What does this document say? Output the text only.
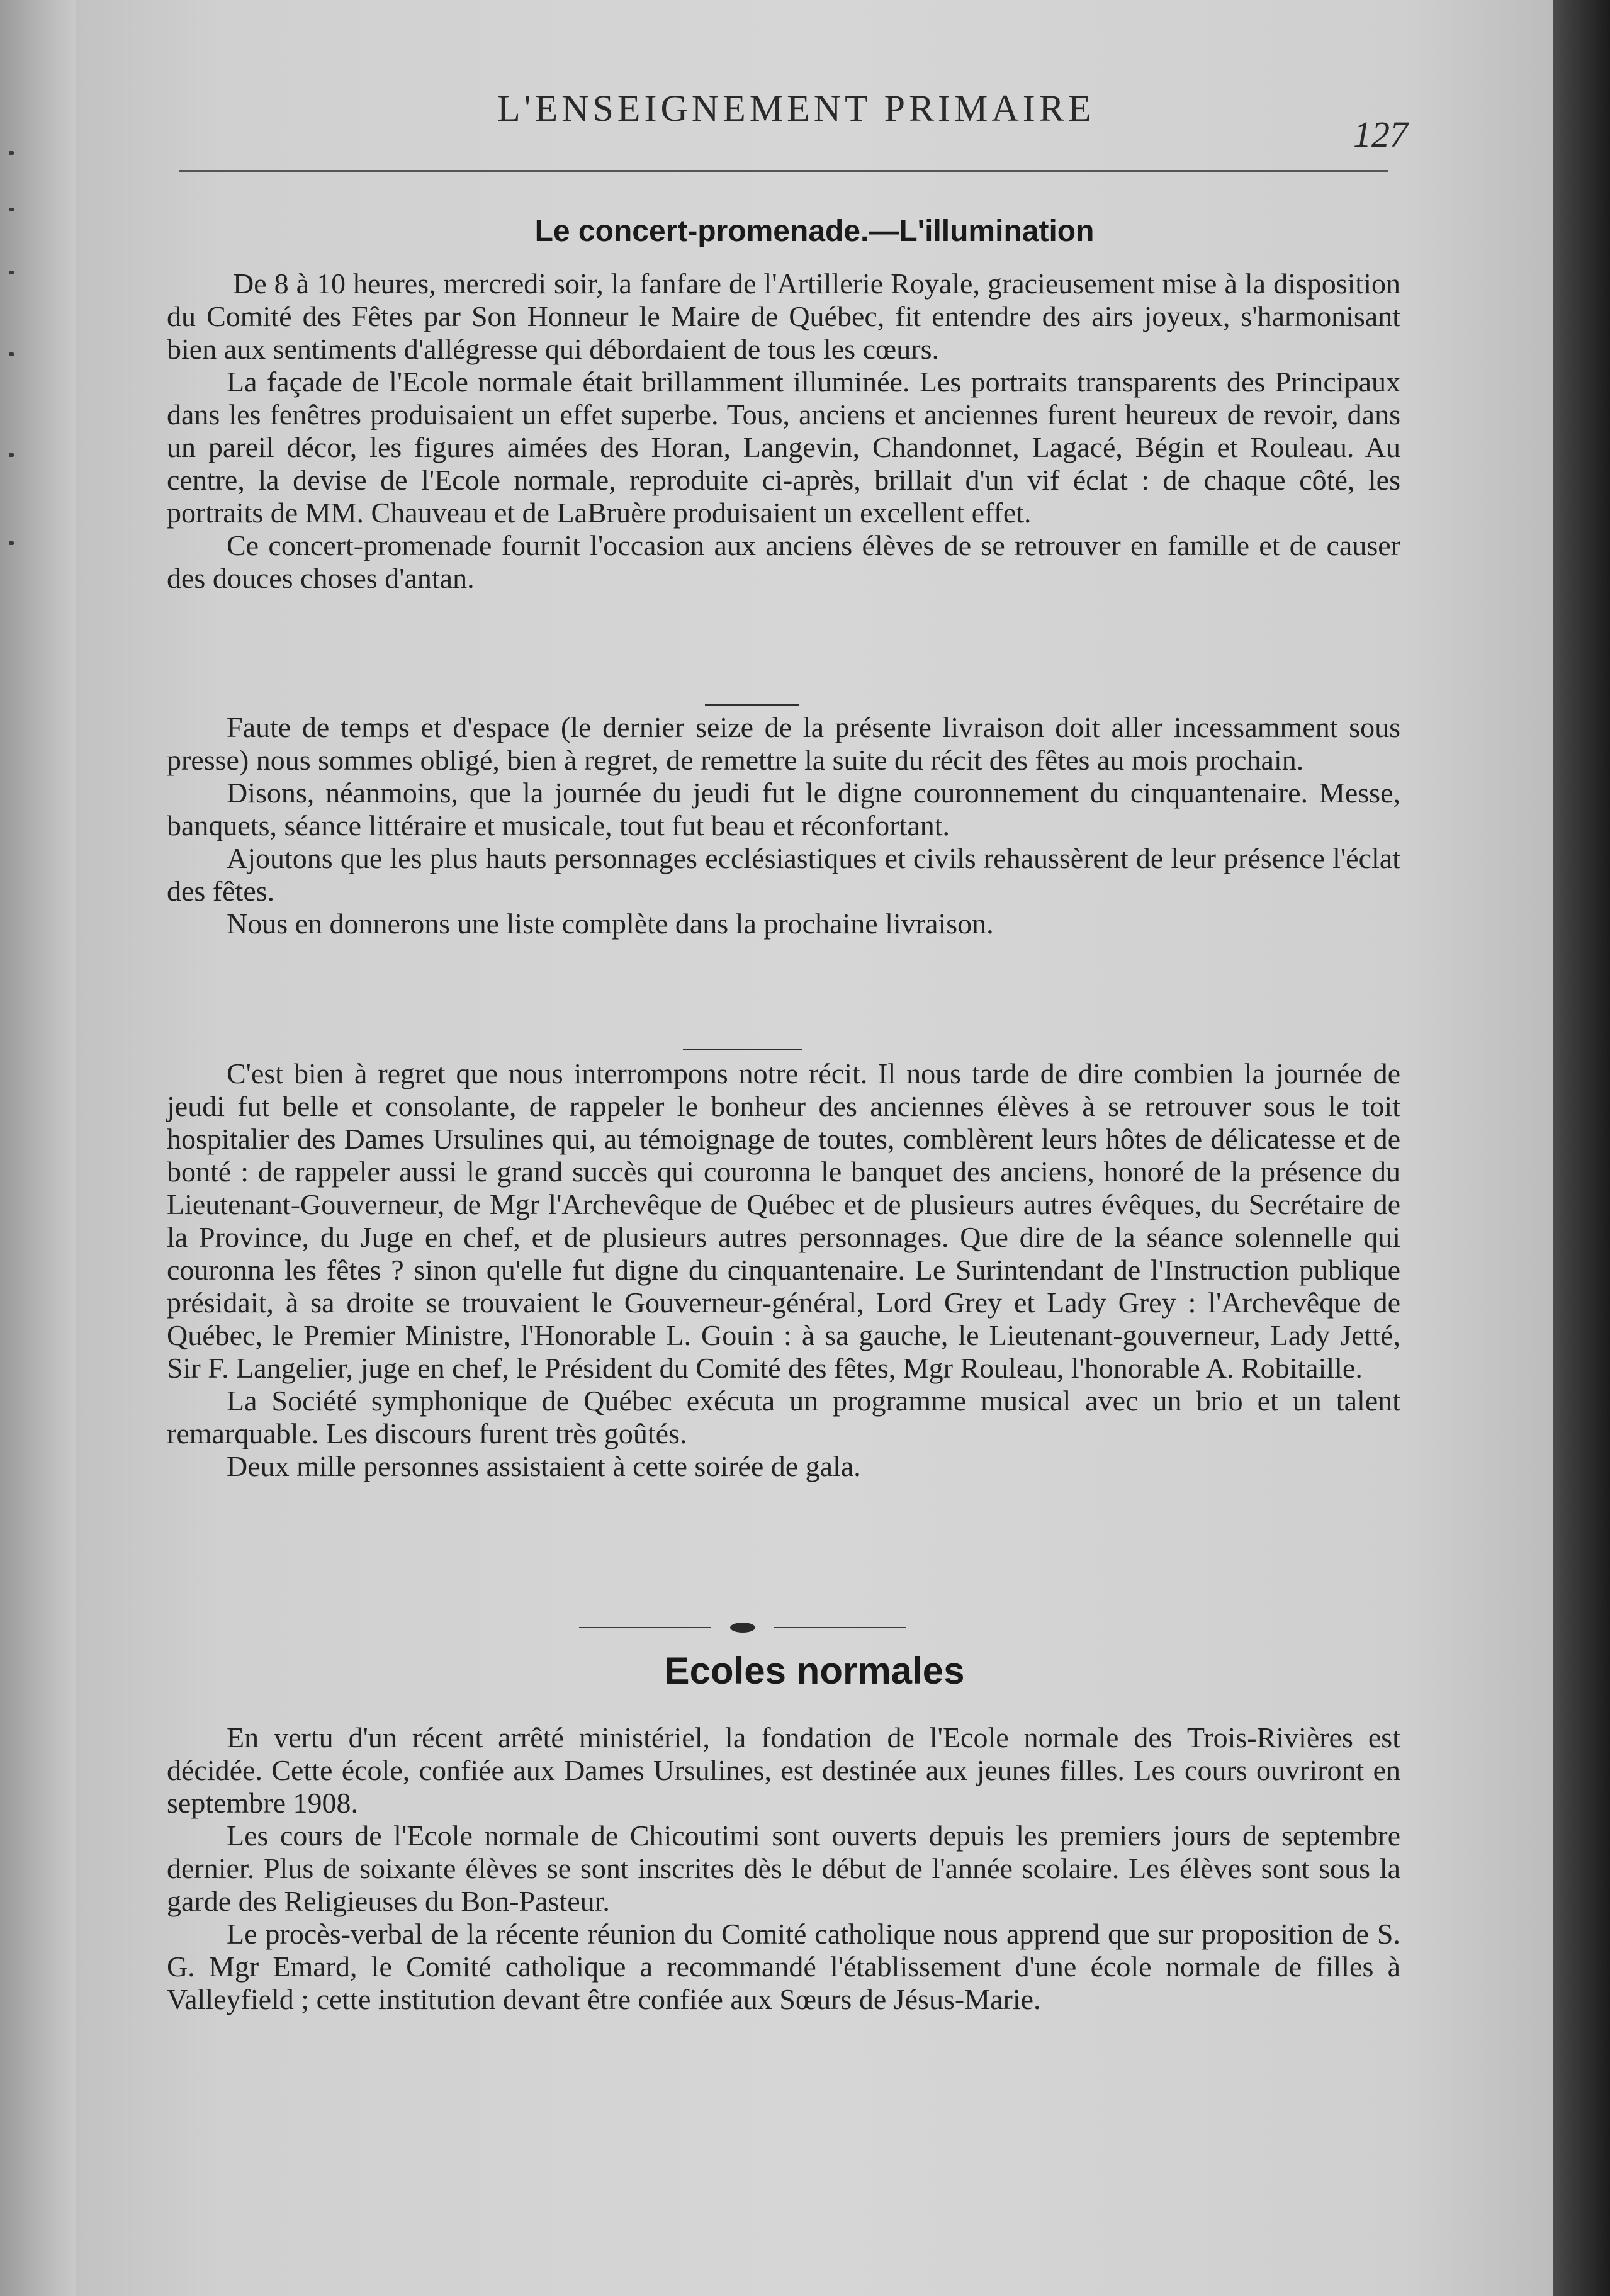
L'ENSEIGNEMENT PRIMAIRE
127
Le concert-promenade.—L'illumination

De 8 à 10 heures, mercredi soir, la fanfare de l'Artillerie Royale, gracieusement mise à la disposition du Comité des Fêtes par Son Honneur le Maire de Québec, fit entendre des airs joyeux, s'harmonisant bien aux sentiments d'allégresse qui débordaient de tous les cœurs.

La façade de l'Ecole normale était brillamment illuminée. Les portraits transparents des Principaux dans les fenêtres produisaient un effet superbe. Tous, anciens et anciennes furent heureux de revoir, dans un pareil décor, les figures aimées des Horan, Langevin, Chandonnet, Lagacé, Bégin et Rouleau. Au centre, la devise de l'Ecole normale, reproduite ci-après, brillait d'un vif éclat : de chaque côté, les portraits de MM. Chauveau et de LaBruère produisaient un excellent effet.

Ce concert-promenade fournit l'occasion aux anciens élèves de se retrouver en famille et de causer des douces choses d'antan.

Faute de temps et d'espace (le dernier seize de la présente livraison doit aller incessamment sous presse) nous sommes obligé, bien à regret, de remettre la suite du récit des fêtes au mois prochain.

Disons, néanmoins, que la journée du jeudi fut le digne couronnement du cinquantenaire. Messe, banquets, séance littéraire et musicale, tout fut beau et réconfortant.

Ajoutons que les plus hauts personnages ecclésiastiques et civils rehaussèrent de leur présence l'éclat des fêtes.

Nous en donnerons une liste complète dans la prochaine livraison.

C'est bien à regret que nous interrompons notre récit. Il nous tarde de dire combien la journée de jeudi fut belle et consolante, de rappeler le bonheur des anciennes élèves à se retrouver sous le toit hospitalier des Dames Ursulines qui, au témoignage de toutes, comblèrent leurs hôtes de délicatesse et de bonté : de rappeler aussi le grand succès qui couronna le banquet des anciens, honoré de la présence du Lieutenant-Gouverneur, de Mgr l'Archevêque de Québec et de plusieurs autres évêques, du Secrétaire de la Province, du Juge en chef, et de plusieurs autres personnages. Que dire de la séance solennelle qui couronna les fêtes ? sinon qu'elle fut digne du cinquantenaire. Le Surintendant de l'Instruction publique présidait, à sa droite se trouvaient le Gouverneur-général, Lord Grey et Lady Grey : l'Archevêque de Québec, le Premier Ministre, l'Honorable L. Gouin : à sa gauche, le Lieutenant-gouverneur, Lady Jetté, Sir F. Langelier, juge en chef, le Président du Comité des fêtes, Mgr Rouleau, l'honorable A. Robitaille.

La Société symphonique de Québec exécuta un programme musical avec un brio et un talent remarquable. Les discours furent très goûtés.

Deux mille personnes assistaient à cette soirée de gala.

Ecoles normales

En vertu d'un récent arrêté ministériel, la fondation de l'Ecole normale des Trois-Rivières est décidée. Cette école, confiée aux Dames Ursulines, est destinée aux jeunes filles. Les cours ouvriront en septembre 1908.

Les cours de l'Ecole normale de Chicoutimi sont ouverts depuis les premiers jours de septembre dernier. Plus de soixante élèves se sont inscrites dès le début de l'année scolaire. Les élèves sont sous la garde des Religieuses du Bon-Pasteur.

Le procès-verbal de la récente réunion du Comité catholique nous apprend que sur proposition de S. G. Mgr Emard, le Comité catholique a recommandé l'établissement d'une école normale de filles à Valleyfield ; cette institution devant être confiée aux Sœurs de Jésus-Marie.
